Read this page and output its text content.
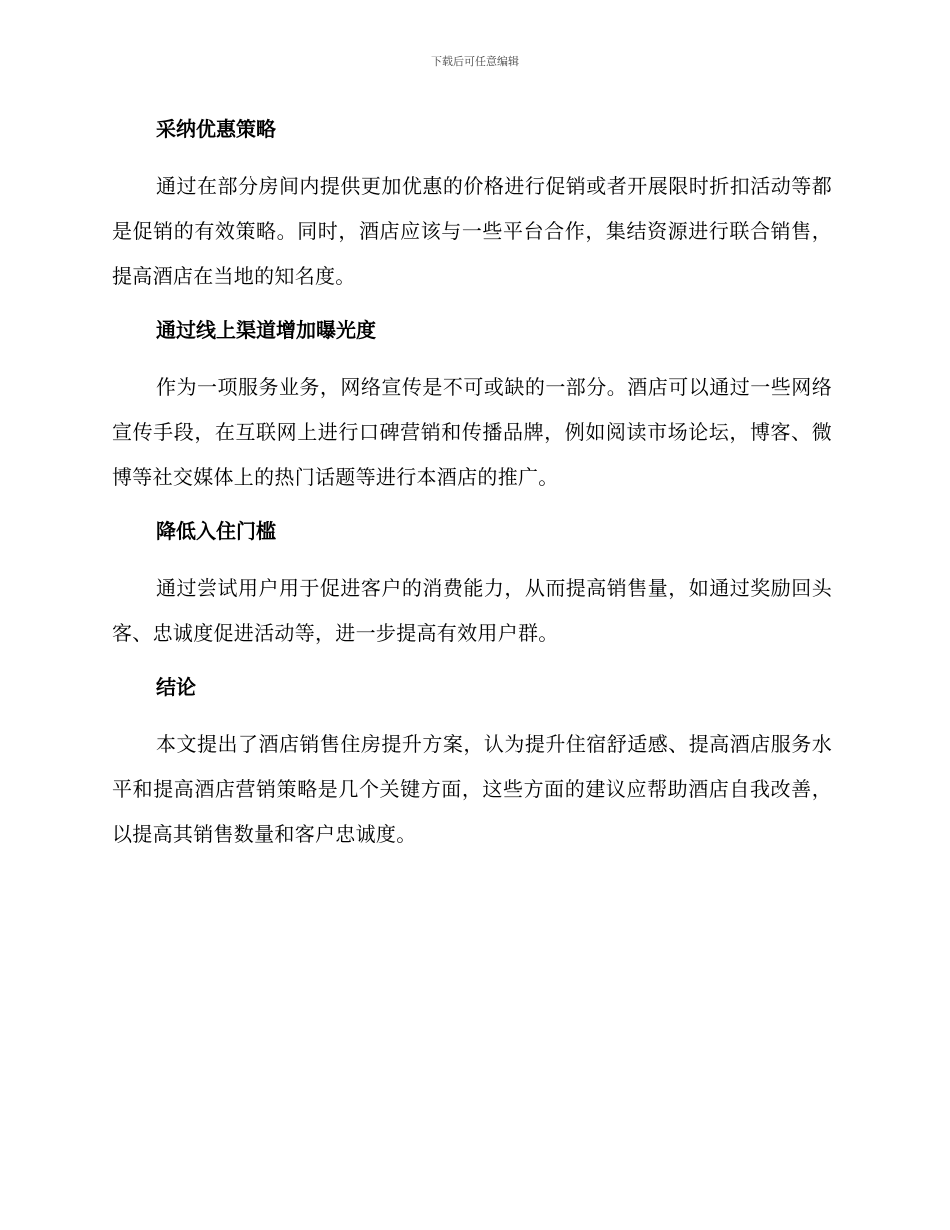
下载后可任意编辑
采纳优惠策略

通过在部分房间内提供更加优惠的价格进行促销或者开展限时折扣活动等都是促销的有效策略。同时，酒店应该与一些平台合作，集结资源进行联合销售，提高酒店在当地的知名度。

通过线上渠道增加曝光度

作为一项服务业务，网络宣传是不可或缺的一部分。酒店可以通过一些网络宣传手段，在互联网上进行口碑营销和传播品牌，例如阅读市场论坛，博客、微博等社交媒体上的热门话题等进行本酒店的推广。

降低入住门槛

通过尝试用户用于促进客户的消费能力，从而提高销售量，如通过奖励回头客、忠诚度促进活动等，进一步提高有效用户群。

结论

本文提出了酒店销售住房提升方案，认为提升住宿舒适感、提高酒店服务水平和提高酒店营销策略是几个关键方面，这些方面的建议应帮助酒店自我改善，以提高其销售数量和客户忠诚度。
